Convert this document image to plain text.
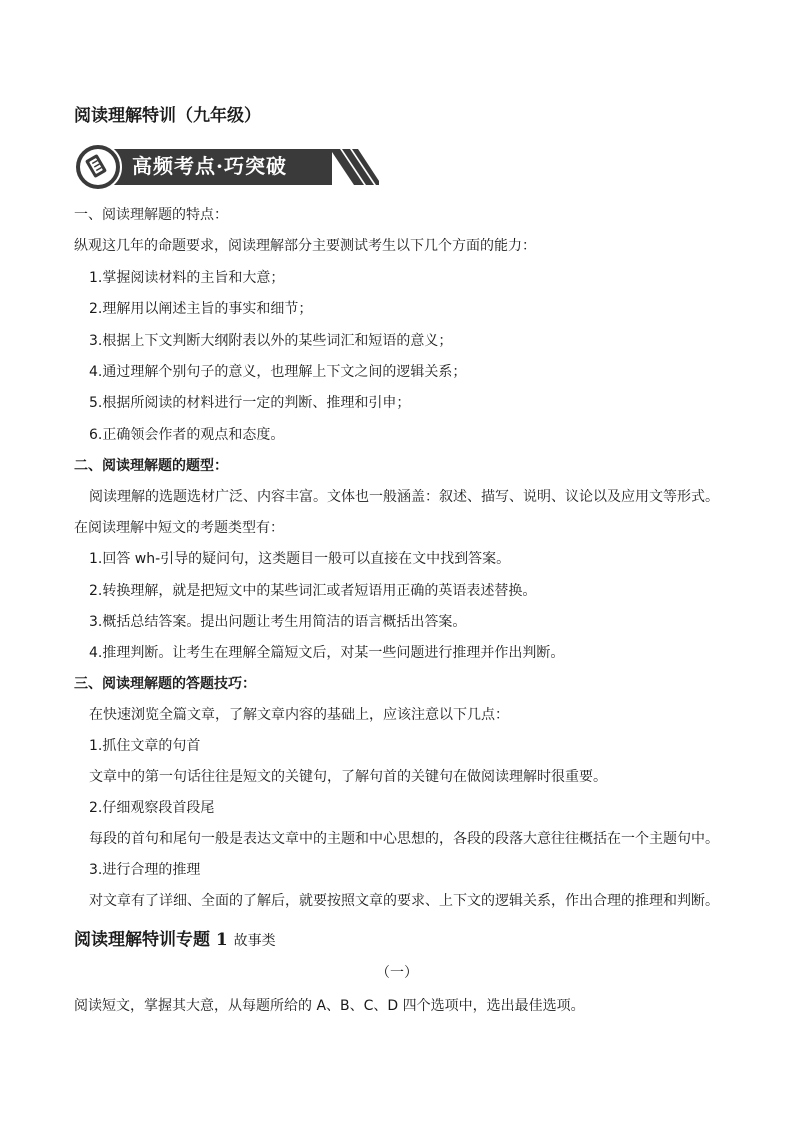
阅读理解特训（九年级）
高频考点·巧突破
一、阅读理解题的特点：
纵观这几年的命题要求，阅读理解部分主要测试考生以下几个方面的能力：
1.掌握阅读材料的主旨和大意；
2.理解用以阐述主旨的事实和细节；
3.根据上下文判断大纲附表以外的某些词汇和短语的意义；
4.通过理解个别句子的意义，也理解上下文之间的逻辑关系；
5.根据所阅读的材料进行一定的判断、推理和引申；
6.正确领会作者的观点和态度。
二、阅读理解题的题型：
阅读理解的选题选材广泛、内容丰富。文体也一般涵盖：叙述、描写、说明、议论以及应用文等形式。
在阅读理解中短文的考题类型有：
1.回答 wh-引导的疑问句，这类题目一般可以直接在文中找到答案。
2.转换理解，就是把短文中的某些词汇或者短语用正确的英语表述替换。
3.概括总结答案。提出问题让考生用简洁的语言概括出答案。
4.推理判断。让考生在理解全篇短文后，对某一些问题进行推理并作出判断。
三、阅读理解题的答题技巧：
在快速浏览全篇文章，了解文章内容的基础上，应该注意以下几点：
1.抓住文章的句首
文章中的第一句话往往是短文的关键句，了解句首的关键句在做阅读理解时很重要。
2.仔细观察段首段尾
每段的首句和尾句一般是表达文章中的主题和中心思想的，各段的段落大意往往概括在一个主题句中。
3.进行合理的推理
对文章有了详细、全面的了解后，就要按照文章的要求、上下文的逻辑关系，作出合理的推理和判断。
阅读理解特训专题 1 故事类
（一）
阅读短文，掌握其大意，从每题所给的 A、B、C、D 四个选项中，选出最佳选项。
